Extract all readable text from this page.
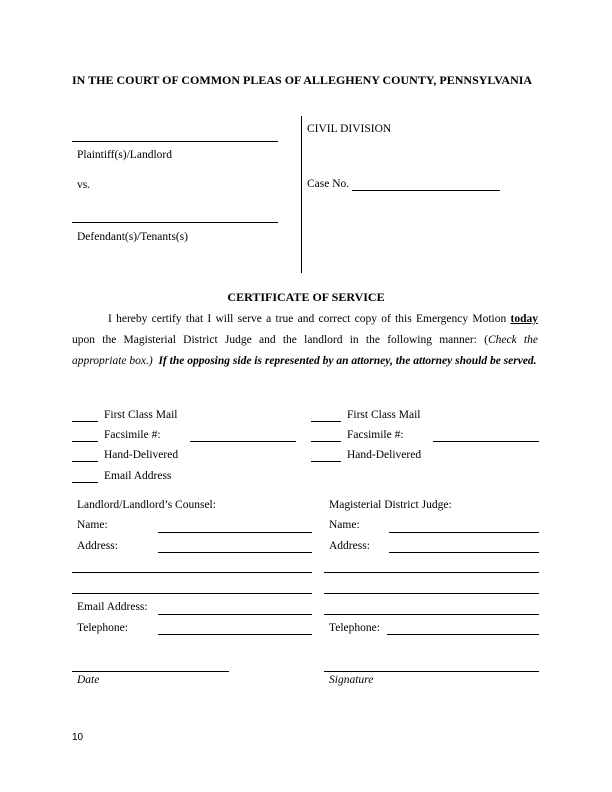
IN THE COURT OF COMMON PLEAS OF ALLEGHENY COUNTY, PENNSYLVANIA
Plaintiff(s)/Landlord
vs.
Defendant(s)/Tenants(s)
CIVIL DIVISION
Case No.
CERTIFICATE OF SERVICE

I hereby certify that I will serve a true and correct copy of this Emergency Motion today upon the Magisterial District Judge and the landlord in the following manner: (Check the appropriate box.) If the opposing side is represented by an attorney, the attorney should be served.

First Class Mail
Facsimile #:
Hand-Delivered
Email Address
First Class Mail
Facsimile #:
Hand-Delivered
Landlord/Landlord’s Counsel:
Name:
Address:
Email Address:
Telephone:
Magisterial District Judge:
Name:
Address:
Telephone:
Date	Signature
10
